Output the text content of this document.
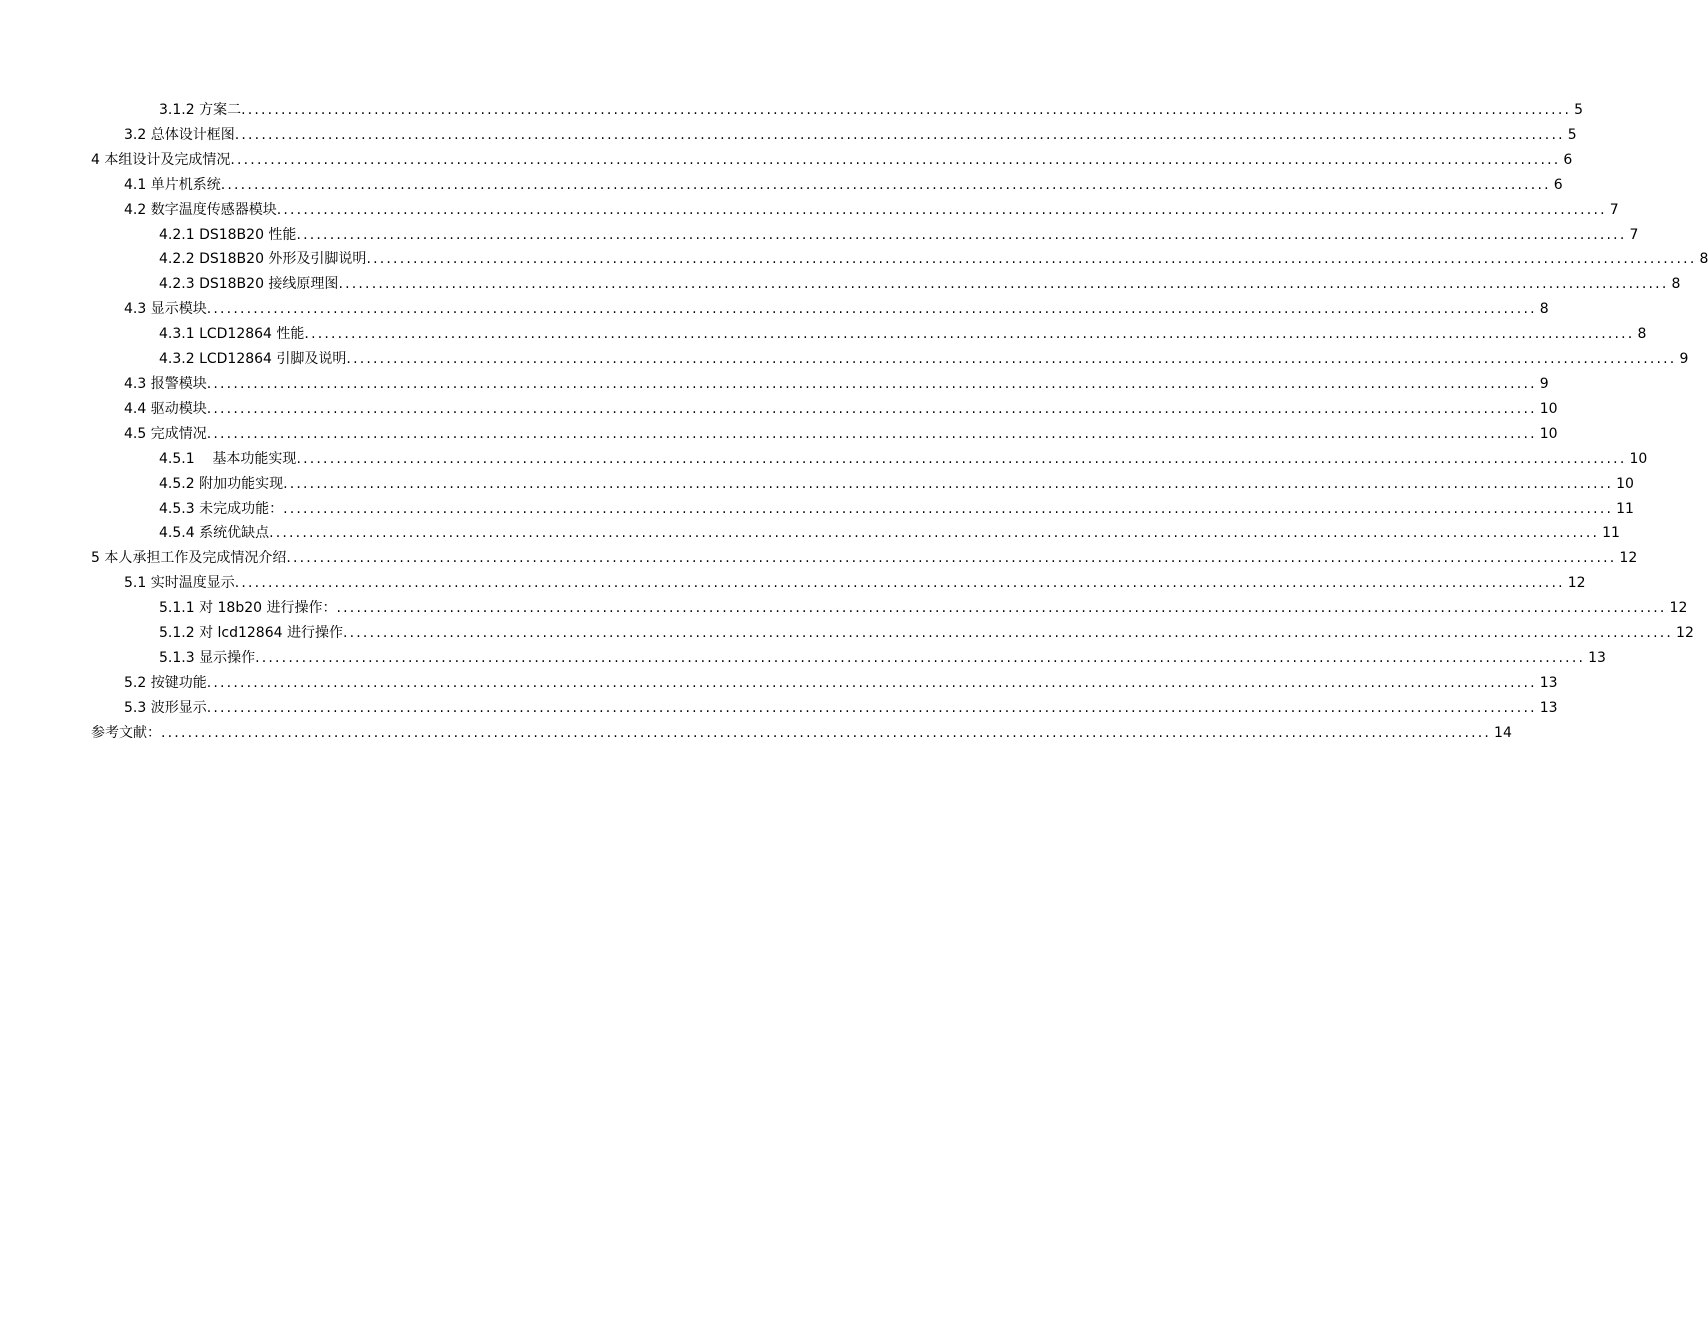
3.1.2 方案二 ........................................................................................................................................................................................................ 5
3.2 总体设计框图 ........................................................................................................................................................................................................ 5
4 本组设计及完成情况 ........................................................................................................................................................................................................ 6
4.1 单片机系统 ........................................................................................................................................................................................................ 6
4.2 数字温度传感器模块 ........................................................................................................................................................................................................ 7
4.2.1 DS18B20 性能 ........................................................................................................................................................................................................ 7
4.2.2 DS18B20 外形及引脚说明 ........................................................................................................................................................................................................ 8
4.2.3 DS18B20 接线原理图 ........................................................................................................................................................................................................ 8
4.3 显示模块 ........................................................................................................................................................................................................ 8
4.3.1 LCD12864 性能 ........................................................................................................................................................................................................ 8
4.3.2 LCD12864 引脚及说明 ........................................................................................................................................................................................................ 9
4.3 报警模块 ........................................................................................................................................................................................................ 9
4.4 驱动模块 ........................................................................................................................................................................................................ 10
4.5 完成情况 ........................................................................................................................................................................................................ 10
4.5.1    基本功能实现 ........................................................................................................................................................................................................ 10
4.5.2 附加功能实现 ........................................................................................................................................................................................................ 10
4.5.3 未完成功能： ........................................................................................................................................................................................................ 11
4.5.4 系统优缺点 ........................................................................................................................................................................................................ 11
5 本人承担工作及完成情况介绍 ........................................................................................................................................................................................................ 12
5.1 实时温度显示 ........................................................................................................................................................................................................ 12
5.1.1 对 18b20 进行操作： ........................................................................................................................................................................................................ 12
5.1.2 对 lcd12864 进行操作 ........................................................................................................................................................................................................ 12
5.1.3 显示操作 ........................................................................................................................................................................................................ 13
5.2 按键功能 ........................................................................................................................................................................................................ 13
5.3 波形显示 ........................................................................................................................................................................................................ 13
参考文献： ........................................................................................................................................................................................................ 14
